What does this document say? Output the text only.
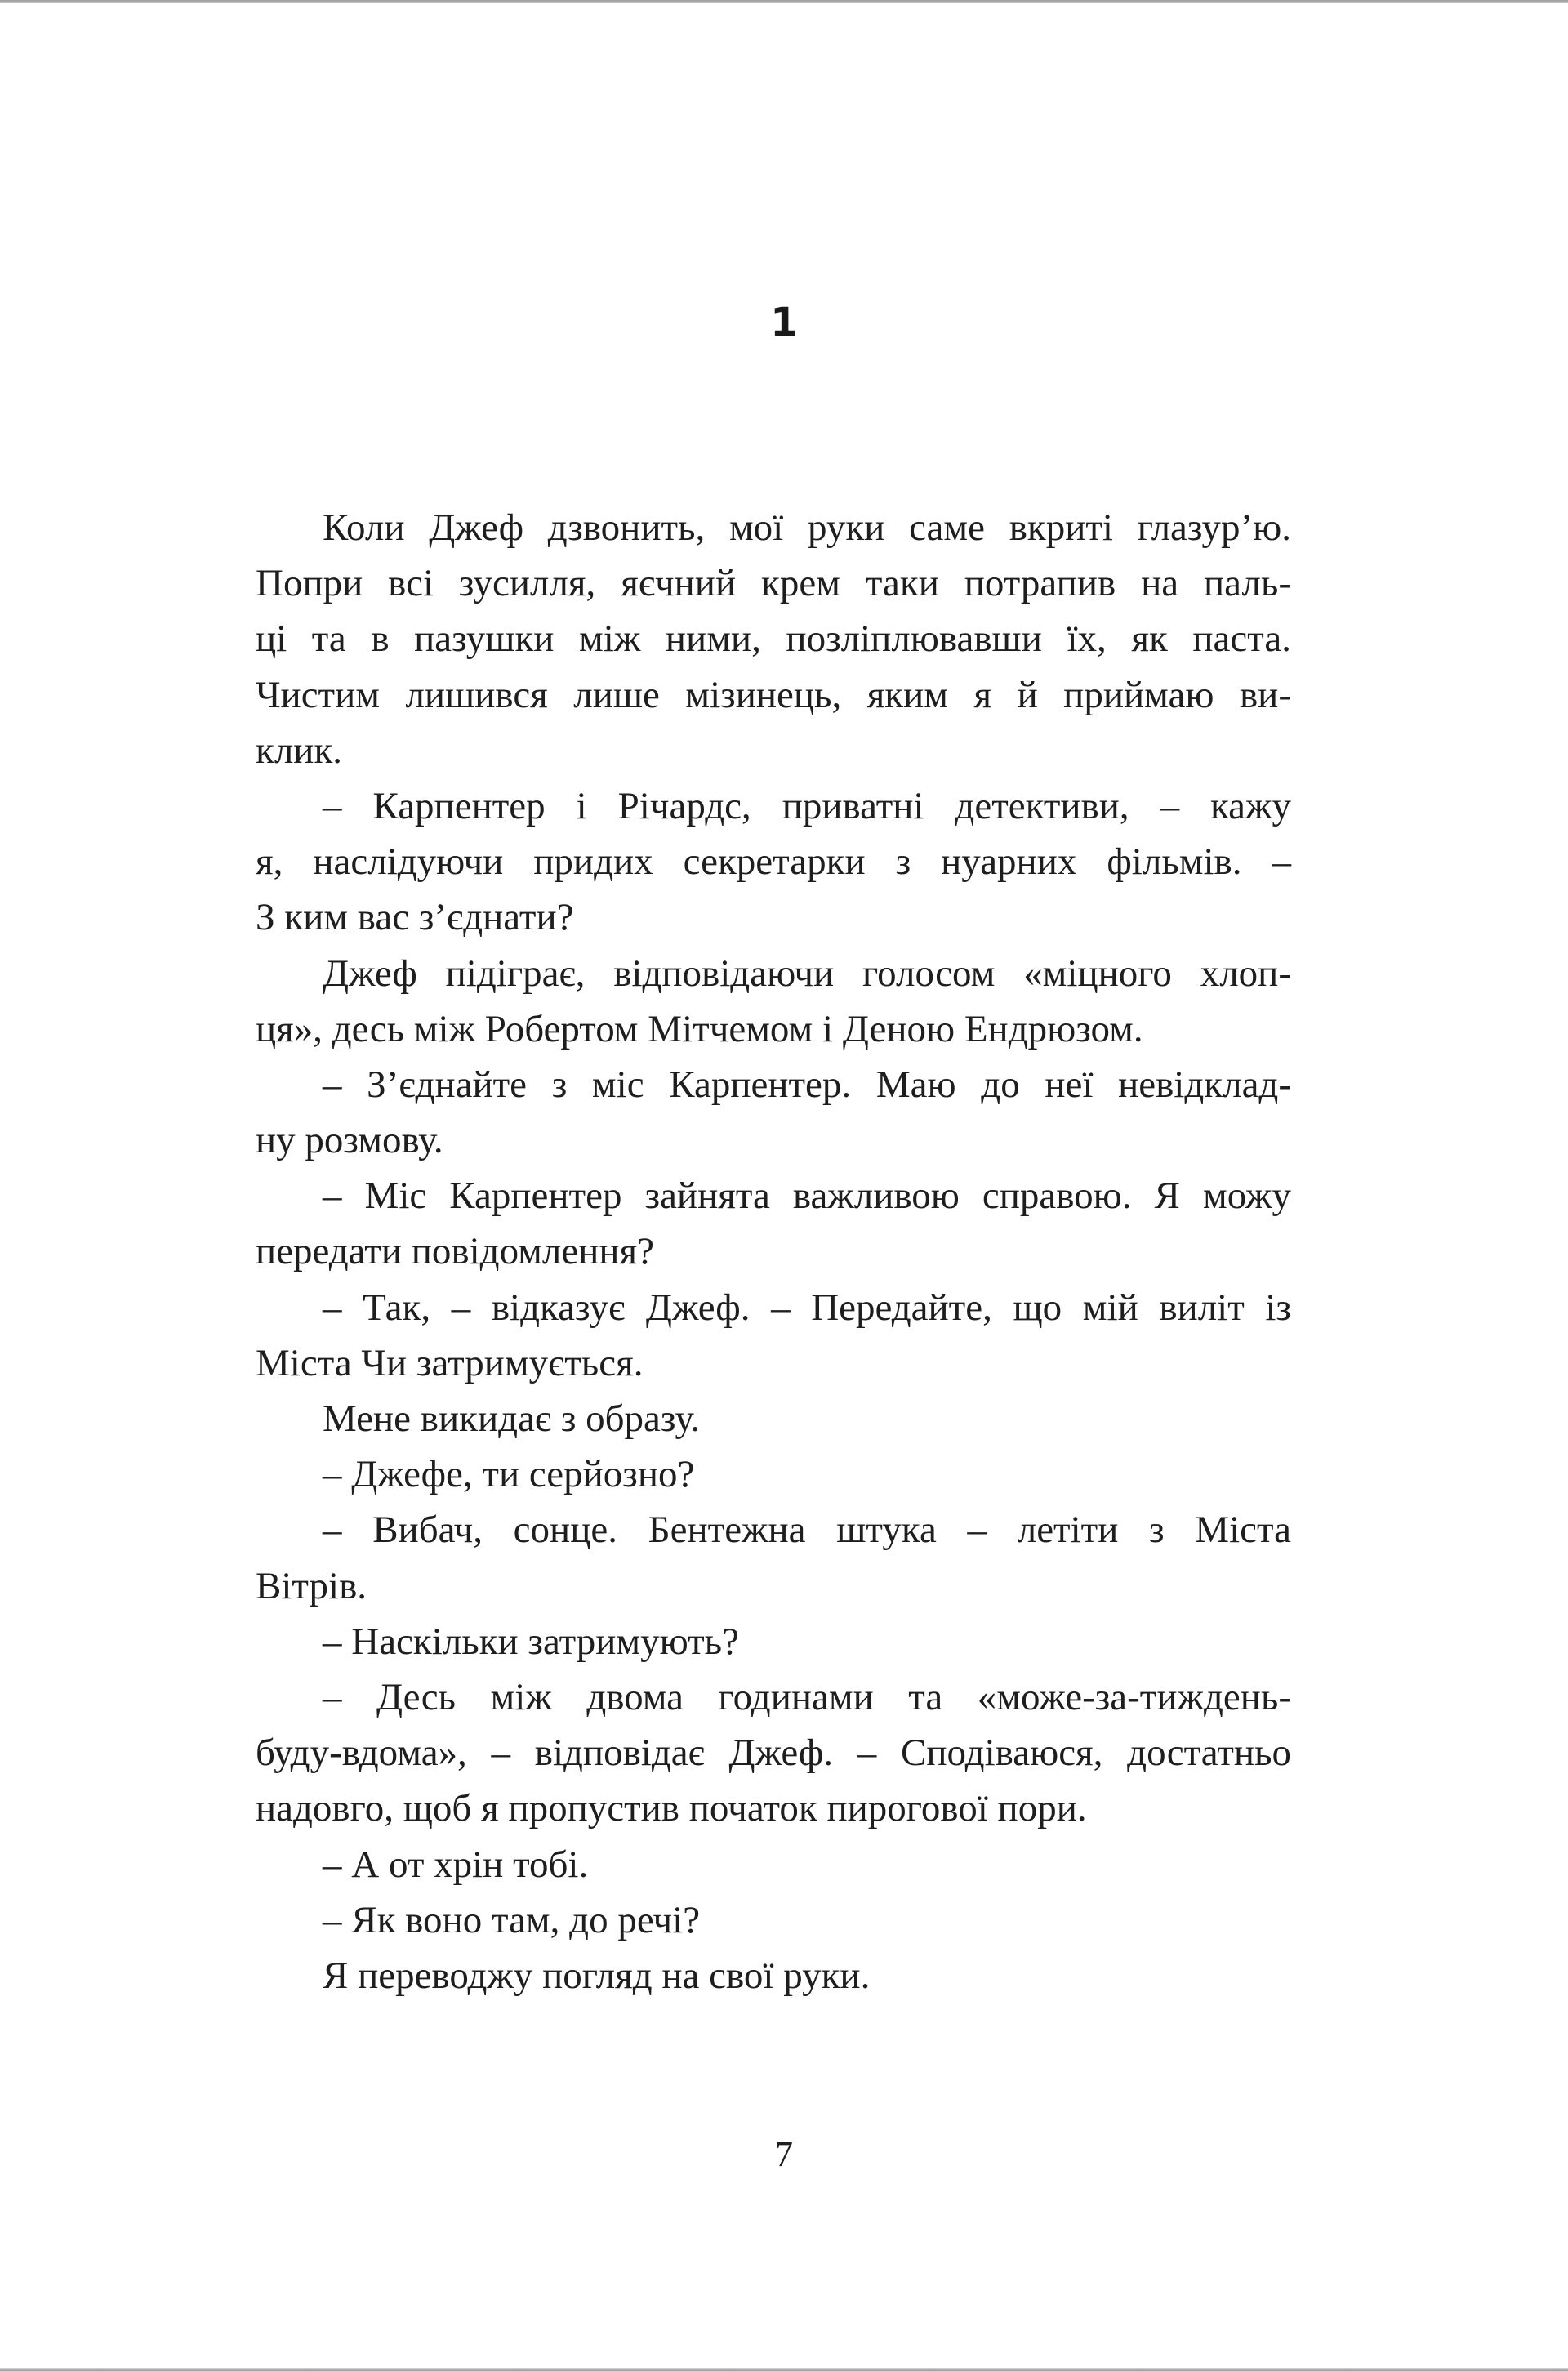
1
Коли Джеф дзвонить, мої руки саме вкриті глазур’ю.
Попри всі зусилля, яєчний крем таки потрапив на паль-
ці та в пазушки між ними, позліплювавши їх, як паста.
Чистим лишився лише мізинець, яким я й приймаю ви-
клик.
– Карпентер і Річардс, приватні детективи, – кажу
я, наслідуючи придих секретарки з нуарних фільмів. –
З ким вас з’єднати?
Джеф підіграє, відповідаючи голосом «міцного хлоп-
ця», десь між Робертом Мітчемом і Деною Ендрюзом.
– З’єднайте з міс Карпентер. Маю до неї невідклад-
ну розмову.
– Міс Карпентер зайнята важливою справою. Я можу
передати повідомлення?
– Так, – відказує Джеф. – Передайте, що мій виліт із
Міста Чи затримується.
Мене викидає з образу.
– Джефе, ти серйозно?
– Вибач, сонце. Бентежна штука – летіти з Міста
Вітрів.
– Наскільки затримують?
– Десь між двома годинами та «може-за-тиждень-
буду-вдома», – відповідає Джеф. – Сподіваюся, достатньо
надовго, щоб я пропустив початок пирогової пори.
– А от хрін тобі.
– Як воно там, до речі?
Я переводжу погляд на свої руки.
7
